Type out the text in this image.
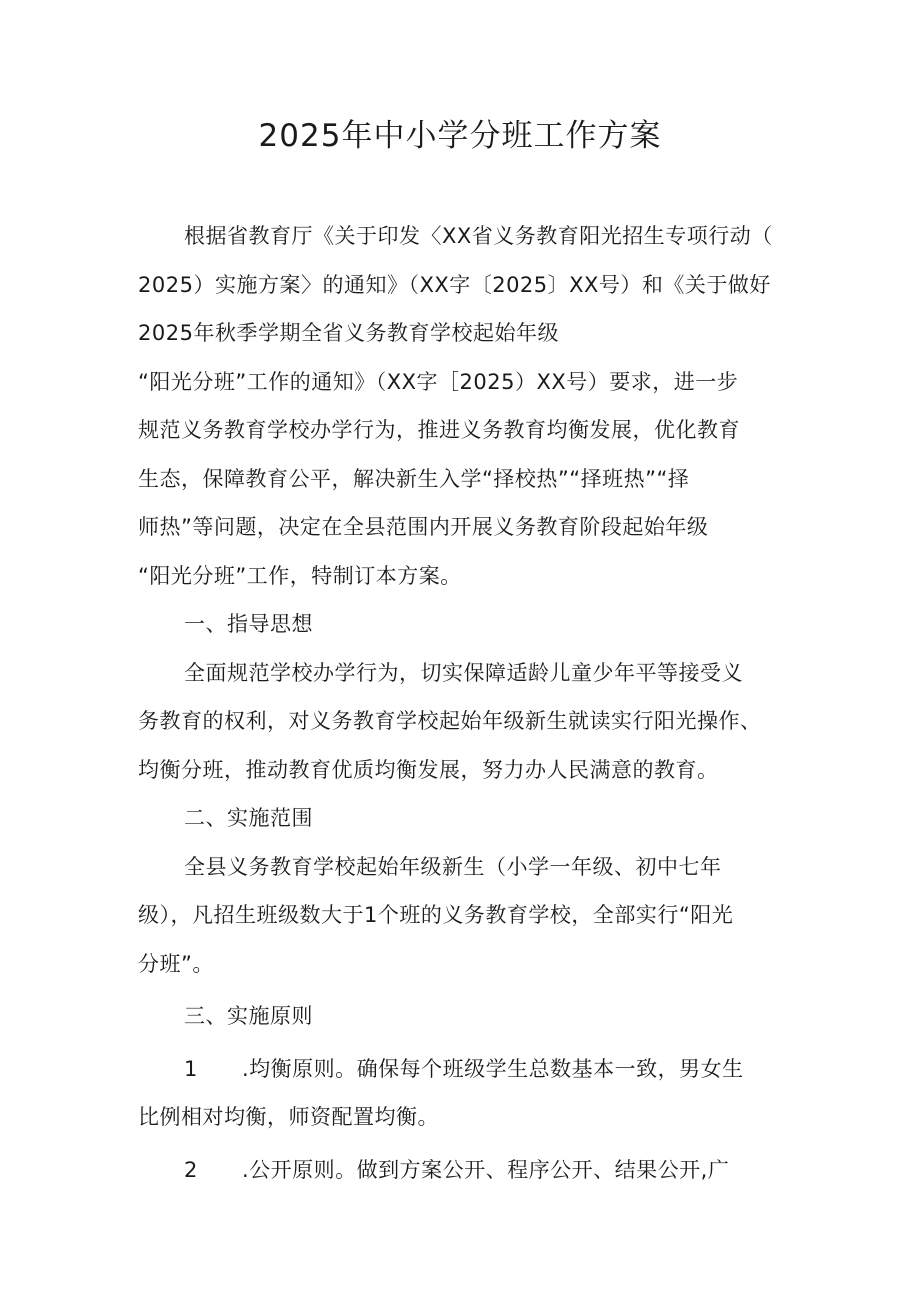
2025年中小学分班工作方案
根据省教育厅《关于印发〈XX省义务教育阳光招生专项行动（
2025）实施方案〉的通知》（XX字〔2025〕XX号）和《关于做好
2025年秋季学期全省义务教育学校起始年级
“阳光分班”工作的通知》（XX字［2025）XX号）要求，进一步
规范义务教育学校办学行为，推进义务教育均衡发展，优化教育
生态，保障教育公平，解决新生入学“择校热”“择班热”“择
师热”等问题，决定在全县范围内开展义务教育阶段起始年级
“阳光分班”工作，特制订本方案。
一、指导思想
全面规范学校办学行为，切实保障适龄儿童少年平等接受义
务教育的权利，对义务教育学校起始年级新生就读实行阳光操作、
均衡分班，推动教育优质均衡发展，努力办人民满意的教育。
二、实施范围
全县义务教育学校起始年级新生（小学一年级、初中七年
级），凡招生班级数大于1个班的义务教育学校，全部实行“阳光
分班”。
三、实施原则
1 .均衡原则。确保每个班级学生总数基本一致，男女生
比例相对均衡，师资配置均衡。
2 .公开原则。做到方案公开、程序公开、结果公开,广
